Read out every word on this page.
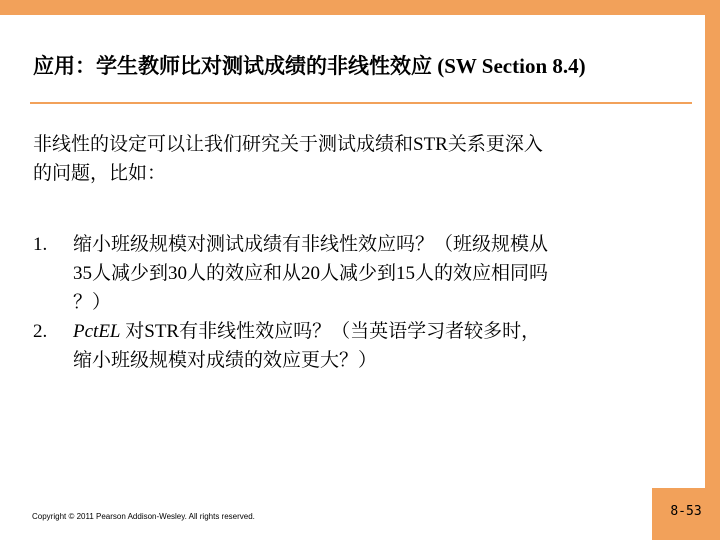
应用：学生教师比对测试成绩的非线性效应 (SW Section 8.4)
非线性的设定可以让我们研究关于测试成绩和STR关系更深入
的问题，比如：
1. 缩小班级规模对测试成绩有非线性效应吗？（班级规模从
35人减少到30人的效应和从20人减少到15人的效应相同吗
？）
2. PctEL 对STR有非线性效应吗？（当英语学习者较多时，
缩小班级规模对成绩的效应更大？）
Copyright © 2011 Pearson Addison-Wesley. All rights reserved.	8-53
